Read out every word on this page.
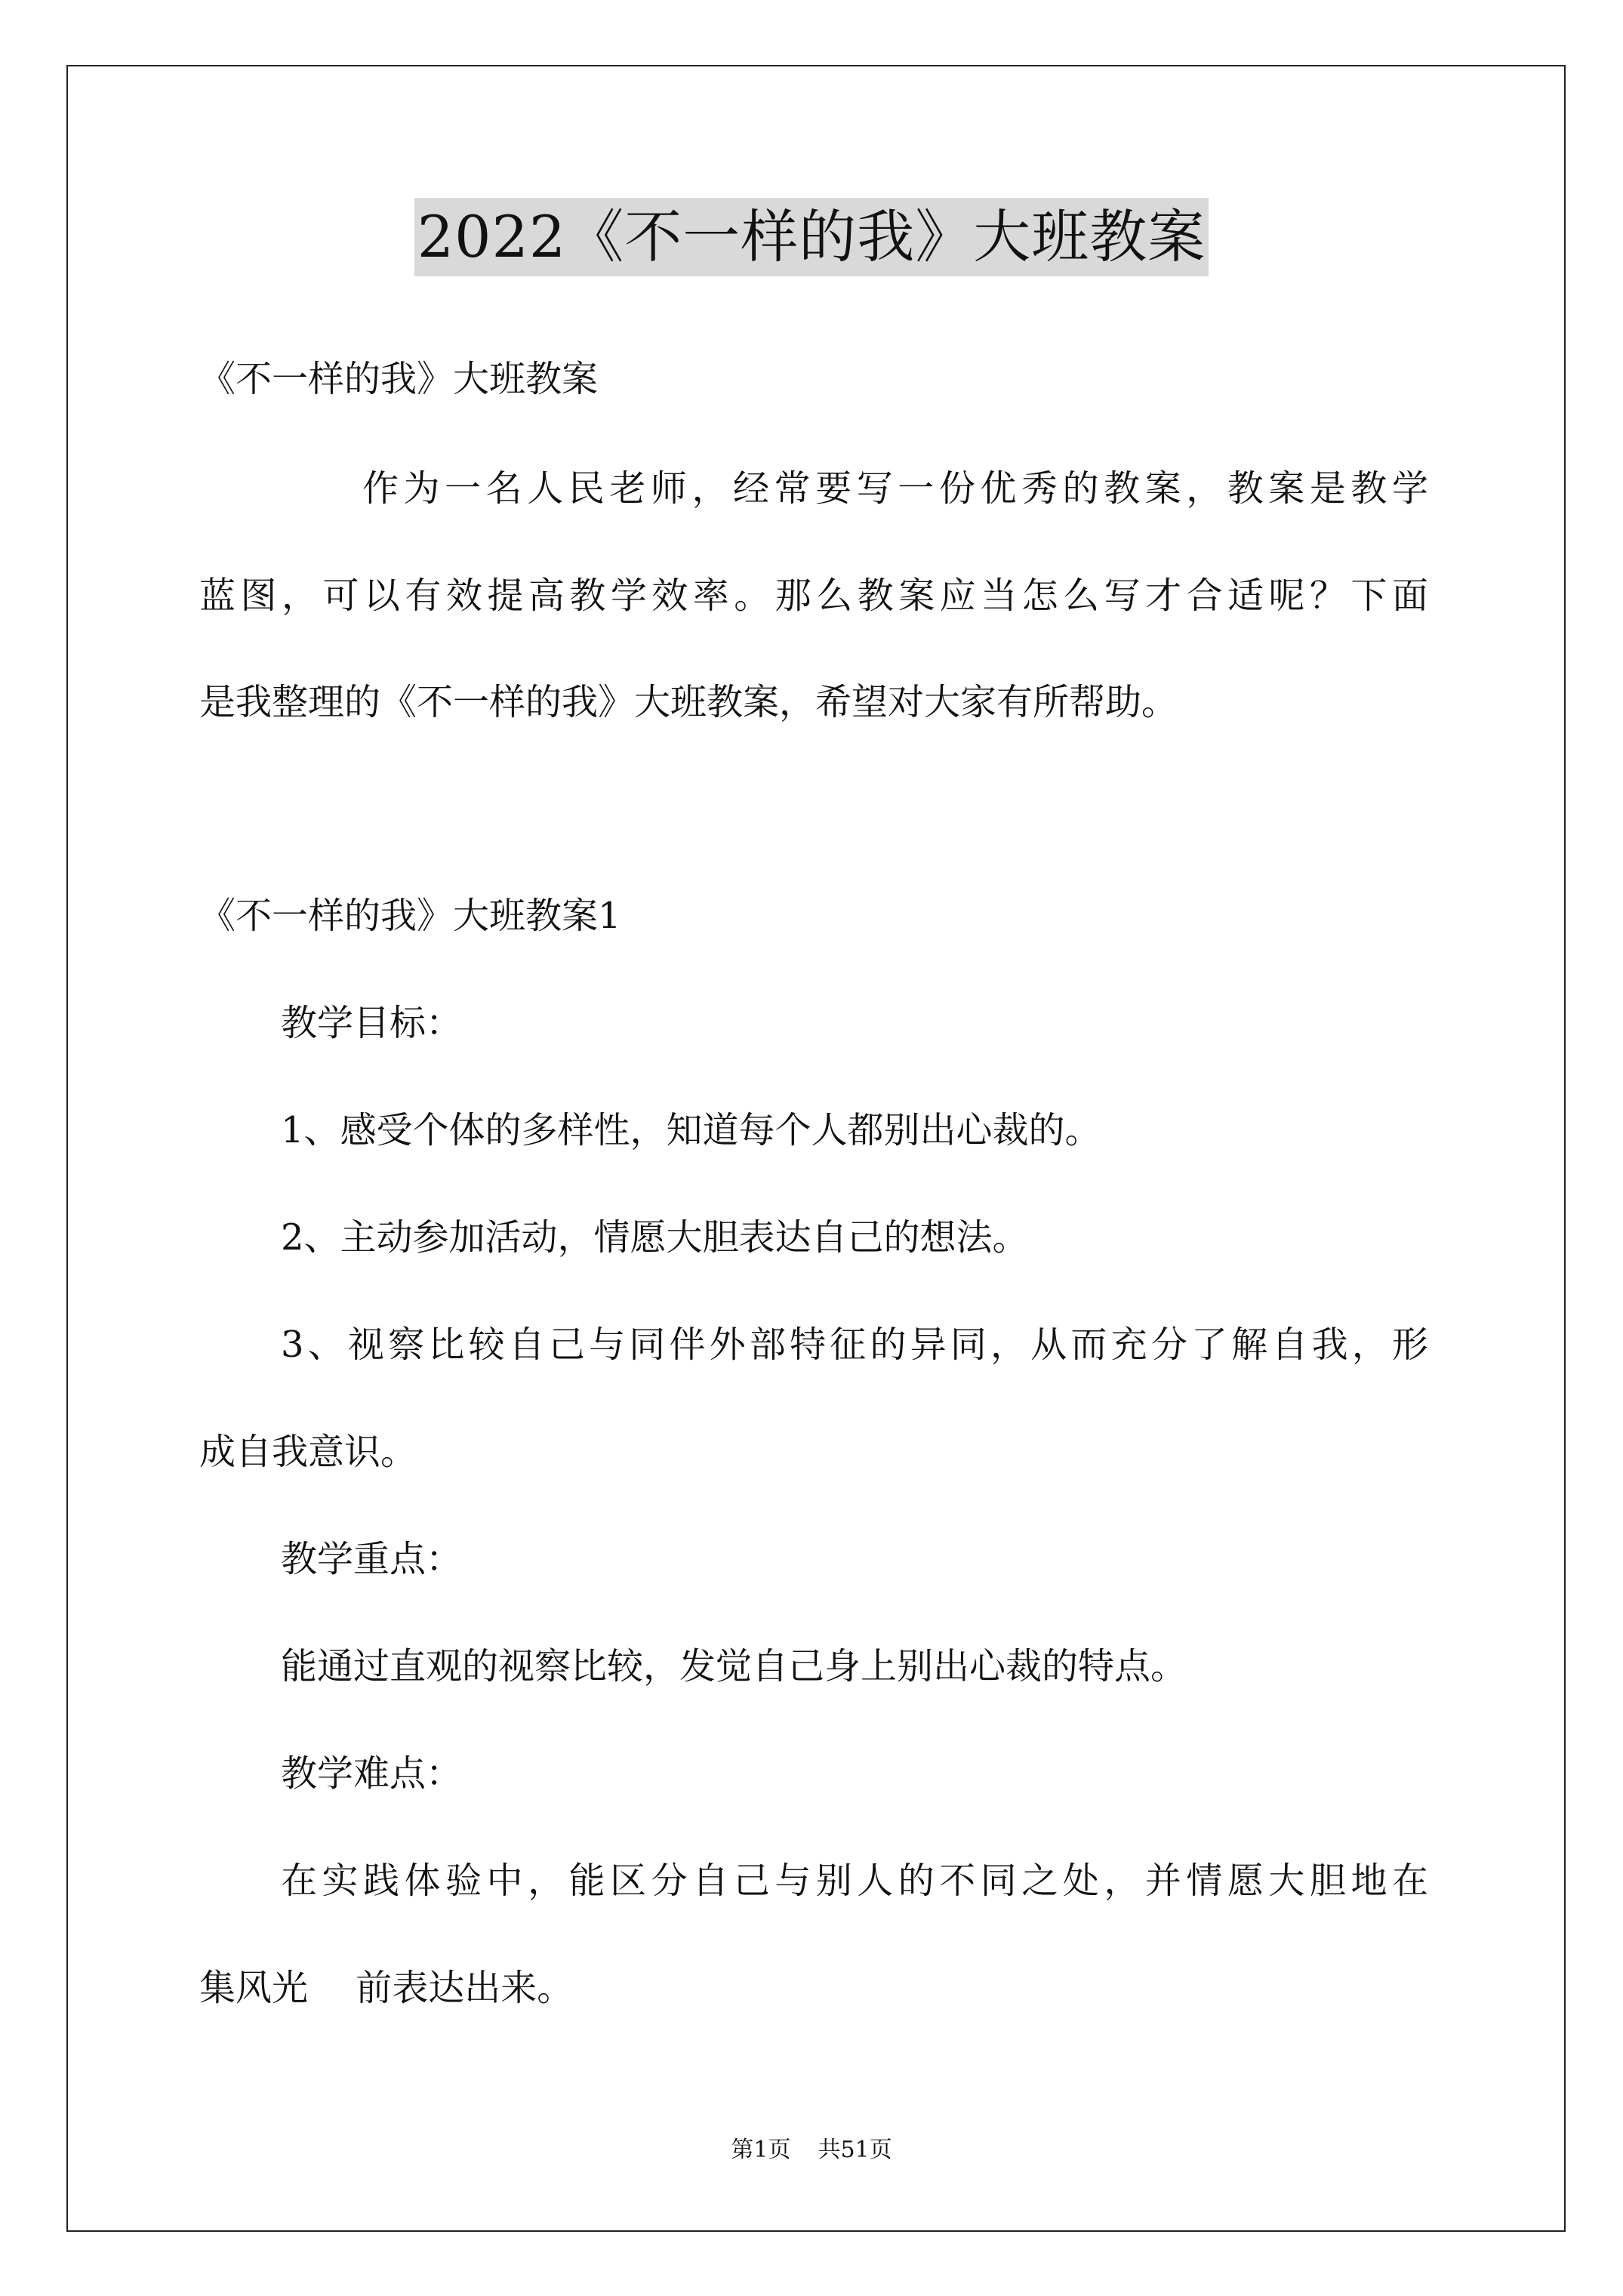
2022《不一样的我》大班教案
《不一样的我》大班教案
作为一名人民老师，经常要写一份优秀的教案，教案是教学
蓝图，可以有效提高教学效率。那么教案应当怎么写才合适呢？下面
是我整理的《不一样的我》大班教案，希望对大家有所帮助。
《不一样的我》大班教案1
教学目标：
1、感受个体的多样性，知道每个人都别出心裁的。
2、主动参加活动，情愿大胆表达自己的想法。
3、视察比较自己与同伴外部特征的异同，从而充分了解自我，形
成自我意识。
教学重点：
能通过直观的视察比较，发觉自己身上别出心裁的特点。
教学难点：
在实践体验中，能区分自己与别人的不同之处，并情愿大胆地在
集风光　 前表达出来。
第1页 共51页
